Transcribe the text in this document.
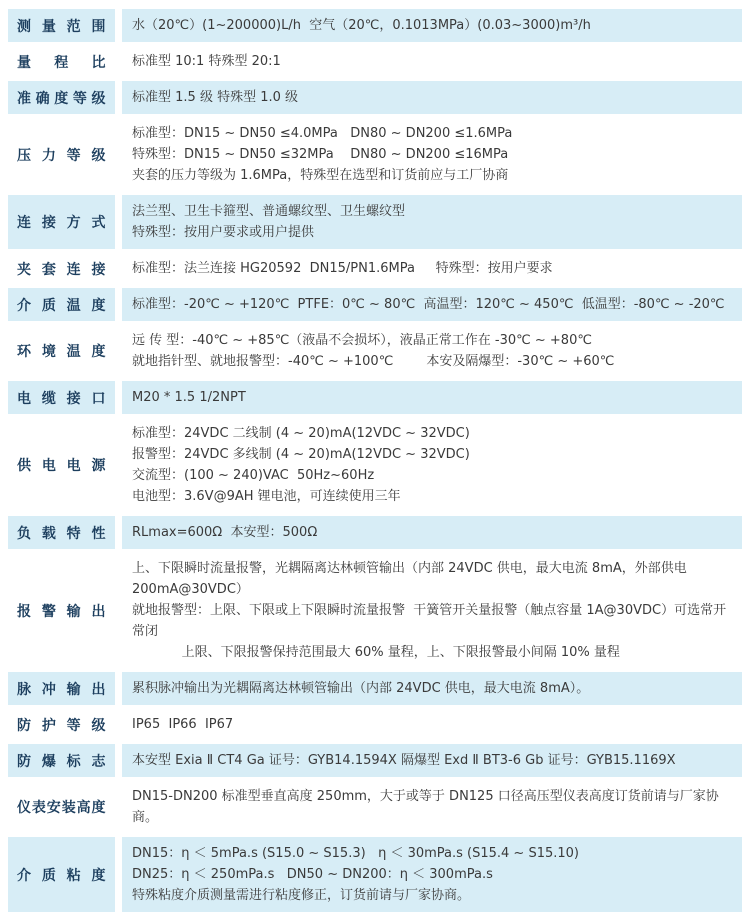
测量范围 水（20℃）(1~200000)L/h  空气（20℃，0.1013MPa）(0.03~3000)m³/h
量程比 标准型 10:1 特殊型 20:1
准确度等级 标准型 1.5 级 特殊型 1.0 级
压力等级
标准型：DN15 ~ DN50 ≤4.0MPa   DN80 ~ DN200 ≤1.6MPa
特殊型：DN15 ~ DN50 ≤32MPa    DN80 ~ DN200 ≤16MPa
夹套的压力等级为 1.6MPa，特殊型在选型和订货前应与工厂协商
连接方式
法兰型、卫生卡箍型、普通螺纹型、卫生螺纹型
特殊型：按用户要求或用户提供
夹套连接 标准型：法兰连接 HG20592  DN15/PN1.6MPa     特殊型：按用户要求
介质温度 标准型：-20℃ ~ +120℃  PTFE：0℃ ~ 80℃  高温型：120℃ ~ 450℃  低温型：-80℃ ~ -20℃
环境温度
远 传 型：-40℃ ~ +85℃（液晶不会损坏），液晶正常工作在 -30℃ ~ +80℃
就地指针型、就地报警型：-40℃ ~ +100℃        本安及隔爆型：-30℃ ~ +60℃
电缆接口 M20 * 1.5 1/2NPT
供电电源
标准型：24VDC 二线制 (4 ~ 20)mA(12VDC ~ 32VDC)
报警型：24VDC 多线制 (4 ~ 20)mA(12VDC ~ 32VDC)
交流型：(100 ~ 240)VAC  50Hz~60Hz
电池型：3.6V@9AH 锂电池，可连续使用三年
负载特性 RLmax=600Ω  本安型：500Ω
报警输出
上、下限瞬时流量报警，光耦隔离达林顿管输出（内部 24VDC 供电，最大电流 8mA，外部供电 200mA@30VDC）
就地报警型：上限、下限或上下限瞬时流量报警  干簧管开关量报警（触点容量 1A@30VDC）可选常开常闭
上限、下限报警保持范围最大 60% 量程，上、下限报警最小间隔 10% 量程
脉冲输出 累积脉冲输出为光耦隔离达林顿管输出（内部 24VDC 供电，最大电流 8mA）。
防护等级 IP65  IP66  IP67
防爆标志 本安型 Exia Ⅱ CT4 Ga 证号：GYB14.1594X 隔爆型 Exd Ⅱ BT3-6 Gb 证号：GYB15.1169X
仪表安装高度
DN15-DN200 标准型垂直高度 250mm，大于或等于 DN125 口径高压型仪表高度订货前请与厂家协商。
介质粘度
DN15：η ＜ 5mPa.s (S15.0 ~ S15.3)   η ＜ 30mPa.s (S15.4 ~ S15.10)
DN25：η ＜ 250mPa.s   DN50 ~ DN200：η ＜ 300mPa.s
特殊粘度介质测量需进行粘度修正，订货前请与厂家协商。
